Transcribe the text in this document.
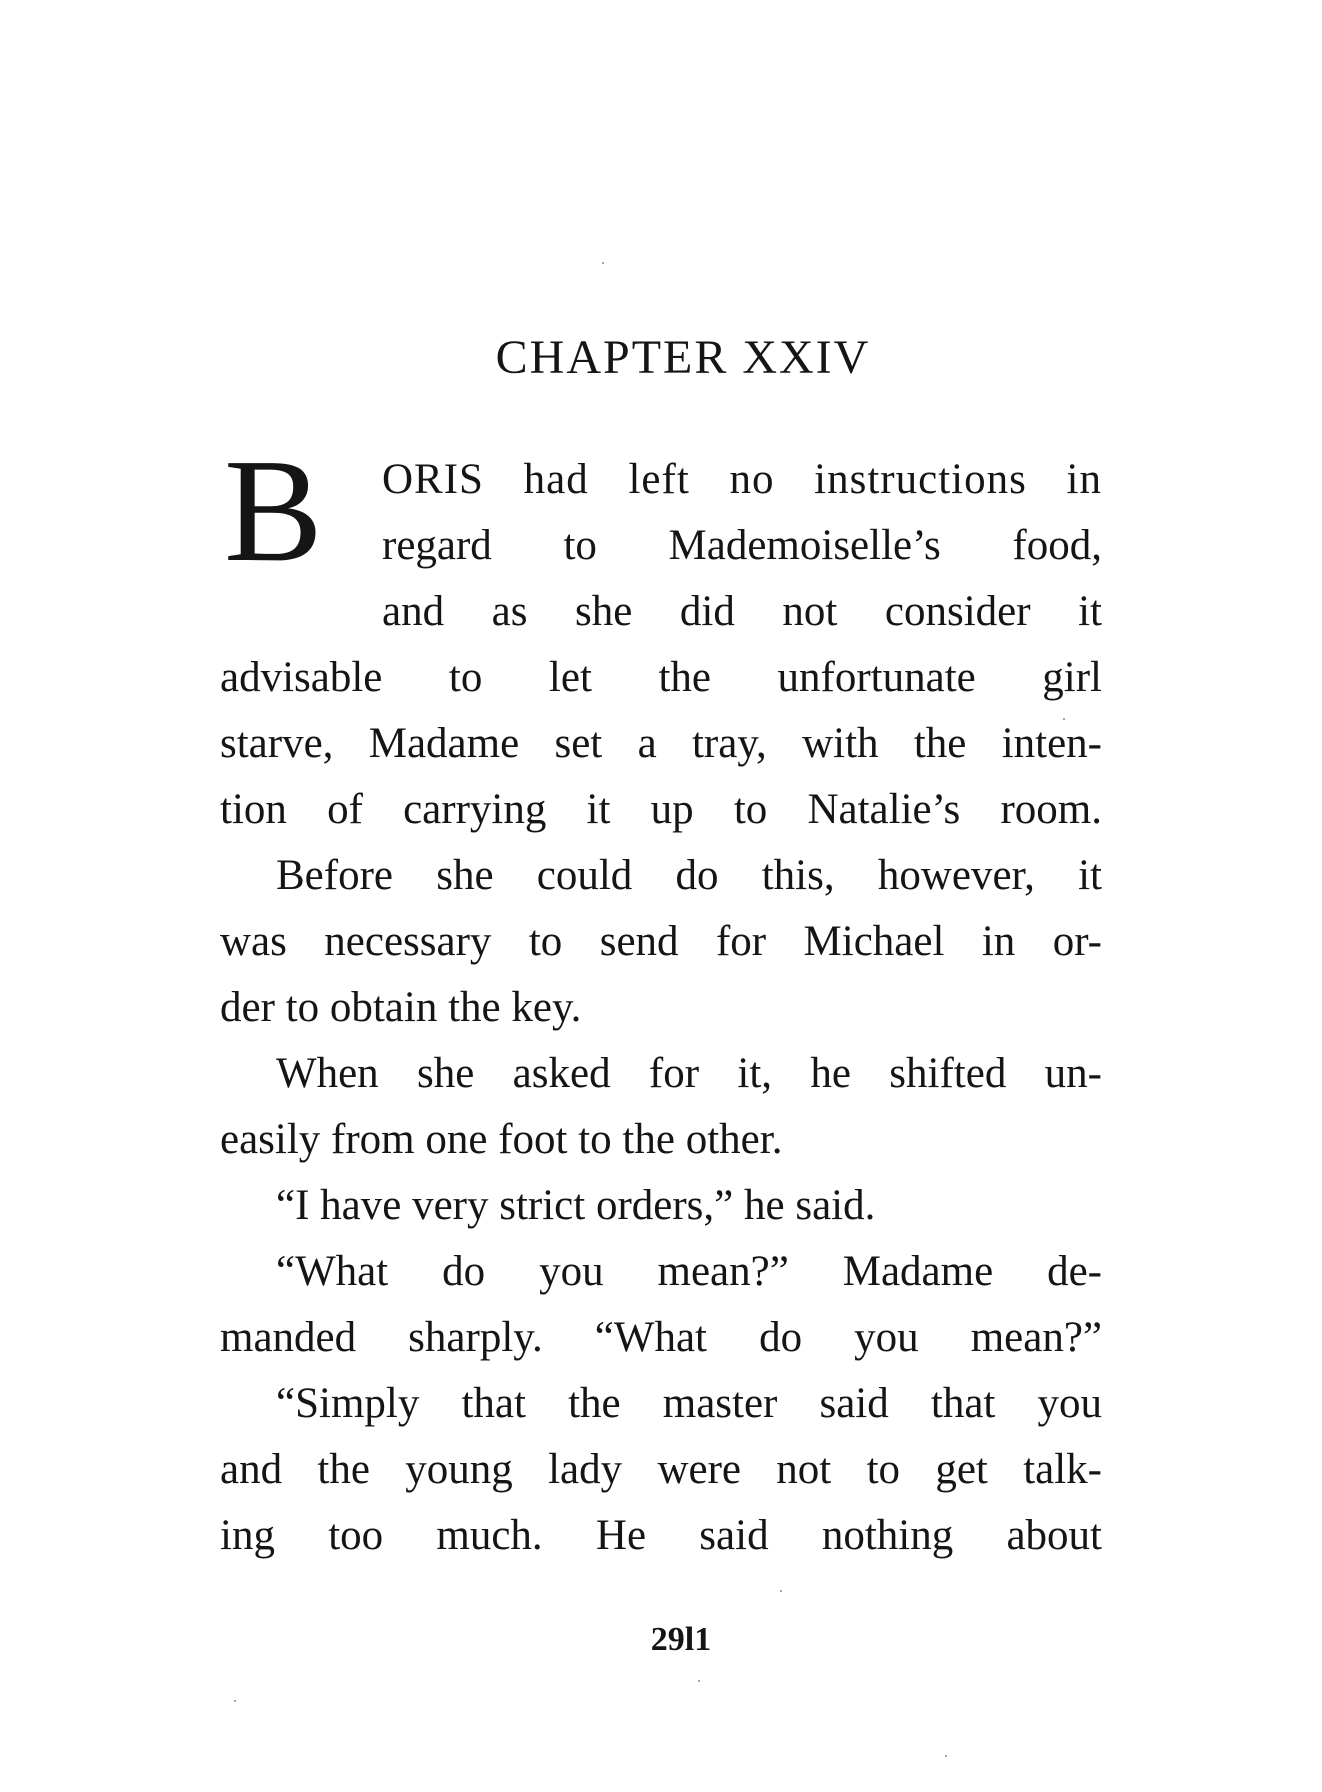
CHAPTER XXIV
B	ORIS had left no instructions in
regard to Mademoiselle’s food,
and as she did not consider it
advisable to let the unfortunate girl
starve, Madame set a tray, with the inten-
tion of carrying it up to Natalie’s room.
Before she could do this, however, it
was necessary to send for Michael in or-
der to obtain the key.
When she asked for it, he shifted un-
easily from one foot to the other.
“I have very strict orders,” he said.
“What do you mean?” Madame de-
manded sharply. “What do you mean?”
“Simply that the master said that you
and the young lady were not to get talk-
ing too much. He said nothing about
29l1
